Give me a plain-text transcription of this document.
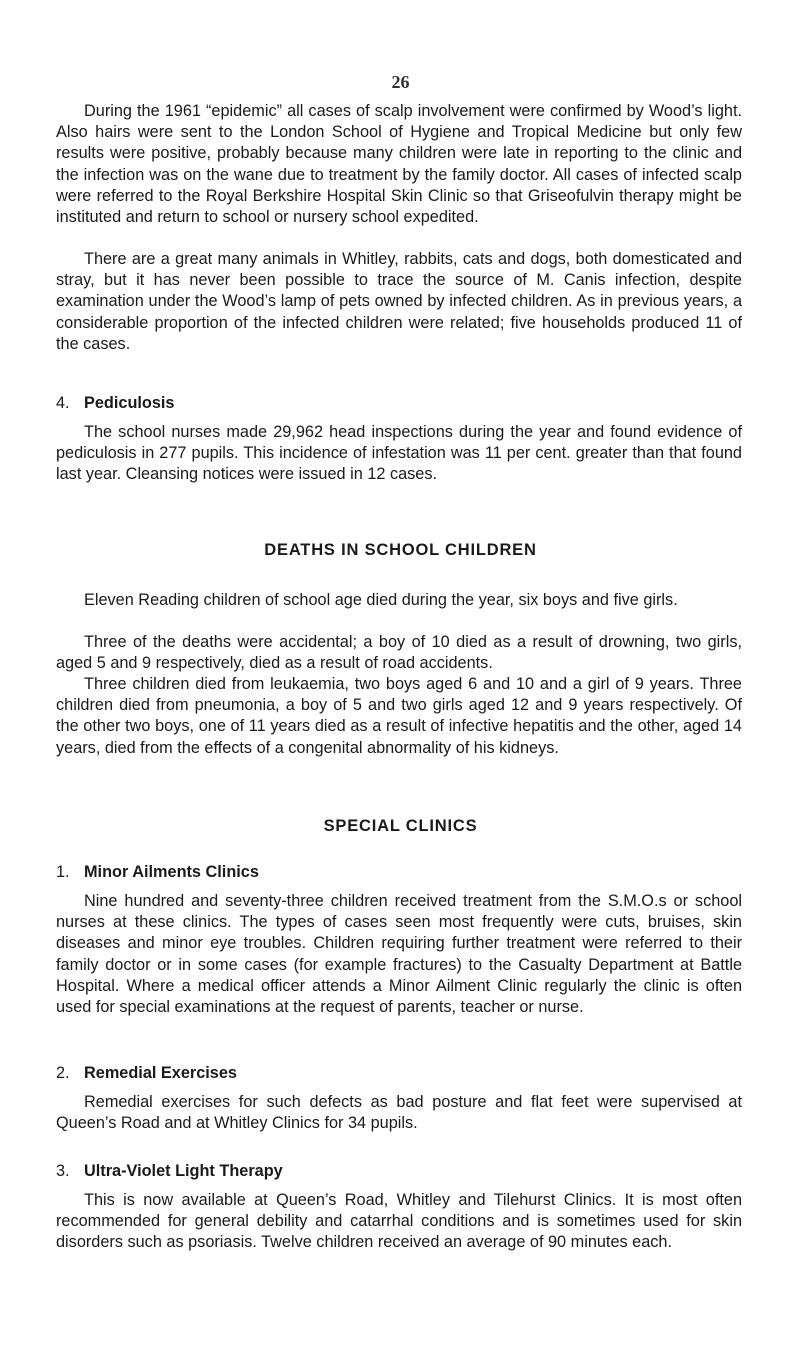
26

During the 1961 “epidemic” all cases of scalp involvement were confirmed by Wood’s light. Also hairs were sent to the London School of Hygiene and Tropical Medicine but only few results were positive, probably because many children were late in reporting to the clinic and the infection was on the wane due to treatment by the family doctor. All cases of infected scalp were referred to the Royal Berkshire Hospital Skin Clinic so that Griseofulvin therapy might be instituted and return to school or nursery school expedited.

There are a great many animals in Whitley, rabbits, cats and dogs, both domesticated and stray, but it has never been possible to trace the source of M. Canis infection, despite examination under the Wood’s lamp of pets owned by infected children. As in previous years, a considerable proportion of the infected children were related; five households produced 11 of the cases.

4. Pediculosis

The school nurses made 29,962 head inspections during the year and found evidence of pediculosis in 277 pupils. This incidence of infestation was 11 per cent. greater than that found last year. Cleansing notices were issued in 12 cases.

DEATHS IN SCHOOL CHILDREN

Eleven Reading children of school age died during the year, six boys and five girls.

Three of the deaths were accidental; a boy of 10 died as a result of drowning, two girls, aged 5 and 9 respectively, died as a result of road accidents.

Three children died from leukaemia, two boys aged 6 and 10 and a girl of 9 years. Three children died from pneumonia, a boy of 5 and two girls aged 12 and 9 years respectively. Of the other two boys, one of 11 years died as a result of infective hepatitis and the other, aged 14 years, died from the effects of a congenital abnormality of his kidneys.

SPECIAL CLINICS
1. Minor Ailments Clinics

Nine hundred and seventy-three children received treatment from the S.M.O.s or school nurses at these clinics. The types of cases seen most frequently were cuts, bruises, skin diseases and minor eye troubles. Children requiring further treatment were referred to their family doctor or in some cases (for example fractures) to the Casualty Department at Battle Hospital. Where a medical officer attends a Minor Ailment Clinic regularly the clinic is often used for special examinations at the request of parents, teacher or nurse.

2. Remedial Exercises

Remedial exercises for such defects as bad posture and flat feet were supervised at Queen’s Road and at Whitley Clinics for 34 pupils.

3. Ultra-Violet Light Therapy

This is now available at Queen’s Road, Whitley and Tilehurst Clinics. It is most often recommended for general debility and catarrhal conditions and is sometimes used for skin disorders such as psoriasis. Twelve children received an average of 90 minutes each.
